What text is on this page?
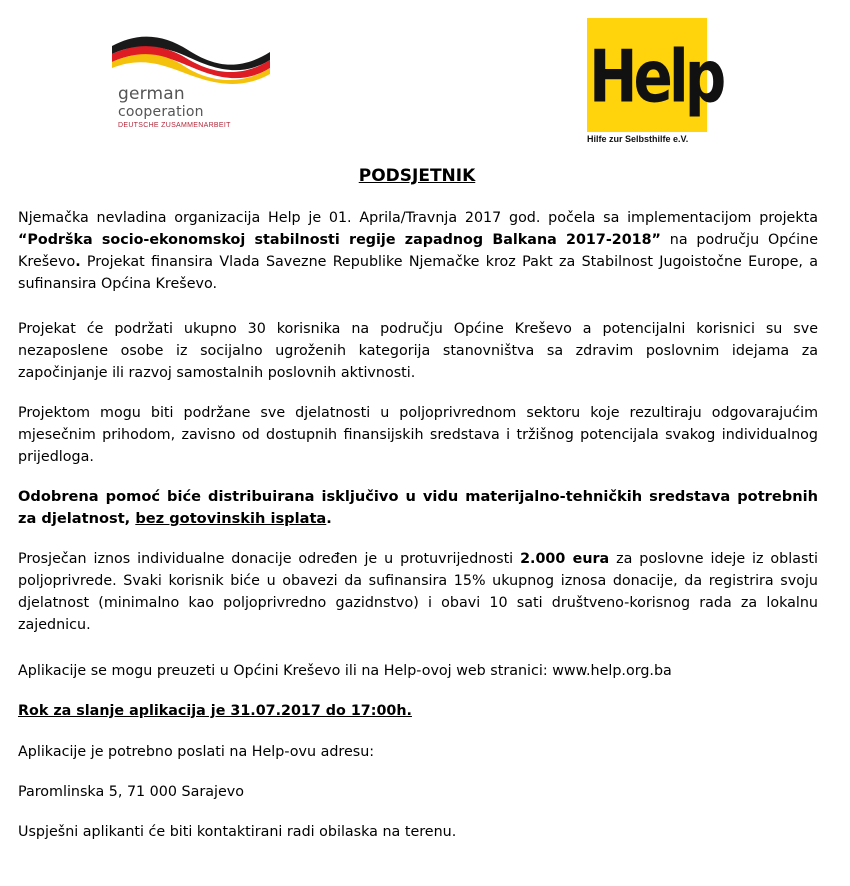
german
cooperation
DEUTSCHE ZUSAMMENARBEIT
Help
Hilfe zur Selbsthilfe e.V.
PODSJETNIK

Njemačka nevladina organizacija Help je 01. Aprila/Travnja 2017 god. počela sa implementacijom projekta “Podrška socio-ekonomskoj stabilnosti regije zapadnog Balkana 2017-2018” na području Općine Kreševo. Projekat finansira Vlada Savezne Republike Njemačke kroz Pakt za Stabilnost Jugoistočne Europe, a sufinansira Općina Kreševo.

Projekat će podržati ukupno 30 korisnika na području Općine Kreševo a potencijalni korisnici su sve nezaposlene osobe iz socijalno ugroženih kategorija stanovništva sa zdravim poslovnim idejama za započinjanje ili razvoj samostalnih poslovnih aktivnosti.

Projektom mogu biti podržane sve djelatnosti u poljoprivrednom sektoru koje rezultiraju odgovarajućim mjesečnim prihodom, zavisno od dostupnih finansijskih sredstava i tržišnog potencijala svakog individualnog prijedloga.

Odobrena pomoć biće distribuirana isključivo u vidu materijalno-tehničkih sredstava potrebnih za djelatnost, bez gotovinskih isplata.

Prosječan iznos individualne donacije određen je u protuvrijednosti 2.000 eura za poslovne ideje iz oblasti poljoprivrede. Svaki korisnik biće u obavezi da sufinansira 15% ukupnog iznosa donacije, da registrira svoju djelatnost (minimalno kao poljoprivredno gazidnstvo) i obavi 10 sati društveno-korisnog rada za lokalnu zajednicu.

Aplikacije se mogu preuzeti u Općini Kreševo ili na Help-ovoj web stranici: www.help.org.ba

Rok za slanje aplikacija je 31.07.2017 do 17:00h.

Aplikacije je potrebno poslati na Help-ovu adresu:

Paromlinska 5, 71 000 Sarajevo

Uspješni aplikanti će biti kontaktirani radi obilaska na terenu.
